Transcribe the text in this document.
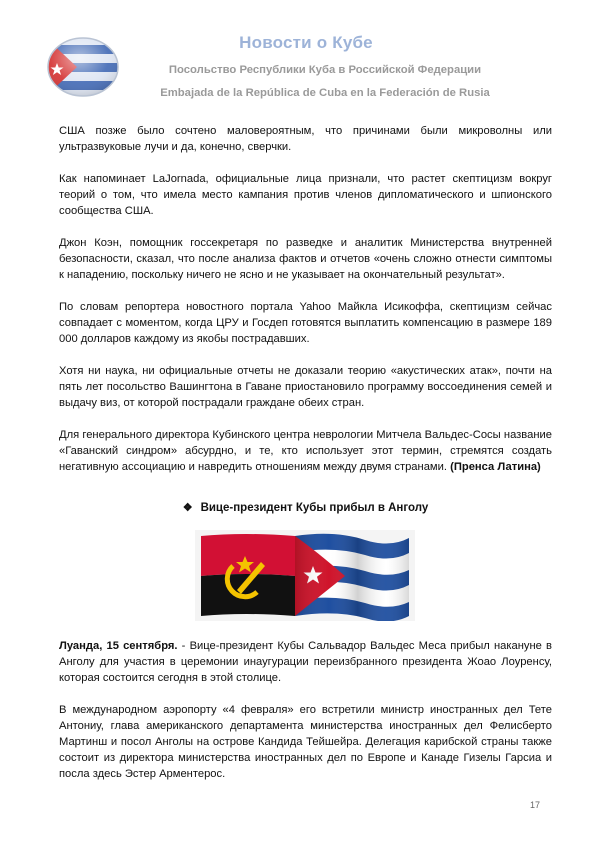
Новости о Кубе
Посольство Республики Куба в Российской Федерации
Embajada de la República de Cuba en la Federación de Rusia

США позже было сочтено маловероятным, что причинами были микроволны или ультразвуковые лучи и да, конечно, сверчки.

Как напоминает LaJornada, официальные лица признали, что растет скептицизм вокруг теорий о том, что имела место кампания против членов дипломатического и шпионского сообщества США.

Джон Коэн, помощник госсекретаря по разведке и аналитик Министерства внутренней безопасности, сказал, что после анализа фактов и отчетов «очень сложно отнести симптомы к нападению, поскольку ничего не ясно и не указывает на окончательный результат».

По словам репортера новостного портала Yahoo Майкла Исикоффа, скептицизм сейчас совпадает с моментом, когда ЦРУ и Госдеп готовятся выплатить компенсацию в размере 189 000 долларов каждому из якобы пострадавших.

Хотя ни наука, ни официальные отчеты не доказали теорию «акустических атак», почти на пять лет посольство Вашингтона в Гаване приостановило программу воссоединения семей и выдачу виз, от которой пострадали граждане обеих стран.

Для генерального директора Кубинского центра неврологии Митчела Вальдес-Сосы название «Гаванский синдром» абсурдно, и те, кто использует этот термин, стремятся создать негативную ассоциацию и навредить отношениям между двумя странами. (Пренса Латина)

❖ Вице-президент Кубы прибыл в Анголу

Луанда, 15 сентября. - Вице-президент Кубы Сальвадор Вальдес Меса прибыл накануне в Анголу для участия в церемонии инаугурации переизбранного президента Жоао Лоуренсу, которая состоится сегодня в этой столице.

В международном аэропорту «4 февраля» его встретили министр иностранных дел Тете Антониу, глава американского департамента министерства иностранных дел Фелисберто Мартинш и посол Анголы на острове Кандида Тейшейра. Делегация карибской страны также состоит из директора министерства иностранных дел по Европе и Канаде Гизелы Гарсиа и посла здесь Эстер Арментерос.

17
